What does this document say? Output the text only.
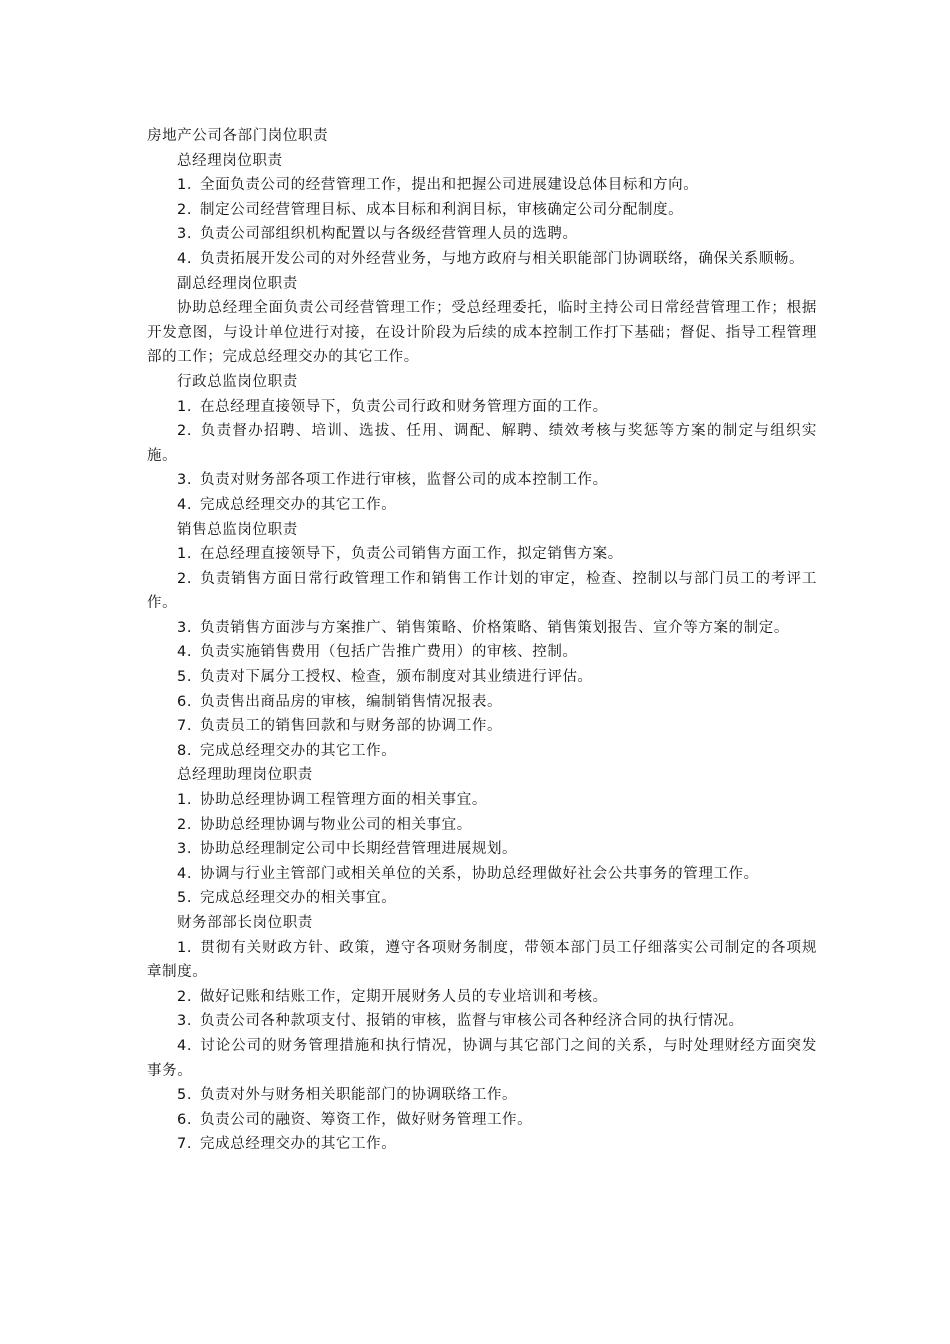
房地产公司各部门岗位职责
总经理岗位职责

1. 全面负责公司的经营管理工作，提出和把握公司进展建设总体目标和方向。

2. 制定公司经营管理目标、成本目标和利润目标，审核确定公司分配制度。

3. 负责公司部组织机构配置以与各级经营管理人员的选聘。

4. 负责拓展开发公司的对外经营业务，与地方政府与相关职能部门协调联络，确保关系顺畅。

副总经理岗位职责

协助总经理全面负责公司经营管理工作；受总经理委托，临时主持公司日常经营管理工作；根据开发意图，与设计单位进行对接，在设计阶段为后续的成本控制工作打下基础；督促、指导工程管理部的工作；完成总经理交办的其它工作。

行政总监岗位职责

1. 在总经理直接领导下，负责公司行政和财务管理方面的工作。

2. 负责督办招聘、培训、选拔、任用、调配、解聘、绩效考核与奖惩等方案的制定与组织实施。

3. 负责对财务部各项工作进行审核，监督公司的成本控制工作。

4. 完成总经理交办的其它工作。

销售总监岗位职责

1. 在总经理直接领导下，负责公司销售方面工作，拟定销售方案。

2. 负责销售方面日常行政管理工作和销售工作计划的审定，检查、控制以与部门员工的考评工作。

3. 负责销售方面涉与方案推广、销售策略、价格策略、销售策划报告、宣介等方案的制定。

4. 负责实施销售费用（包括广告推广费用）的审核、控制。

5. 负责对下属分工授权、检查，颁布制度对其业绩进行评估。

6. 负责售出商品房的审核，编制销售情况报表。

7. 负责员工的销售回款和与财务部的协调工作。

8. 完成总经理交办的其它工作。

总经理助理岗位职责

1. 协助总经理协调工程管理方面的相关事宜。

2. 协助总经理协调与物业公司的相关事宜。

3. 协助总经理制定公司中长期经营管理进展规划。

4. 协调与行业主管部门或相关单位的关系，协助总经理做好社会公共事务的管理工作。

5. 完成总经理交办的相关事宜。

财务部部长岗位职责

1. 贯彻有关财政方针、政策，遵守各项财务制度，带领本部门员工仔细落实公司制定的各项规章制度。

2. 做好记账和结账工作，定期开展财务人员的专业培训和考核。

3. 负责公司各种款项支付、报销的审核，监督与审核公司各种经济合同的执行情况。

4. 讨论公司的财务管理措施和执行情况，协调与其它部门之间的关系，与时处理财经方面突发事务。

5. 负责对外与财务相关职能部门的协调联络工作。

6. 负责公司的融资、筹资工作，做好财务管理工作。

7. 完成总经理交办的其它工作。
